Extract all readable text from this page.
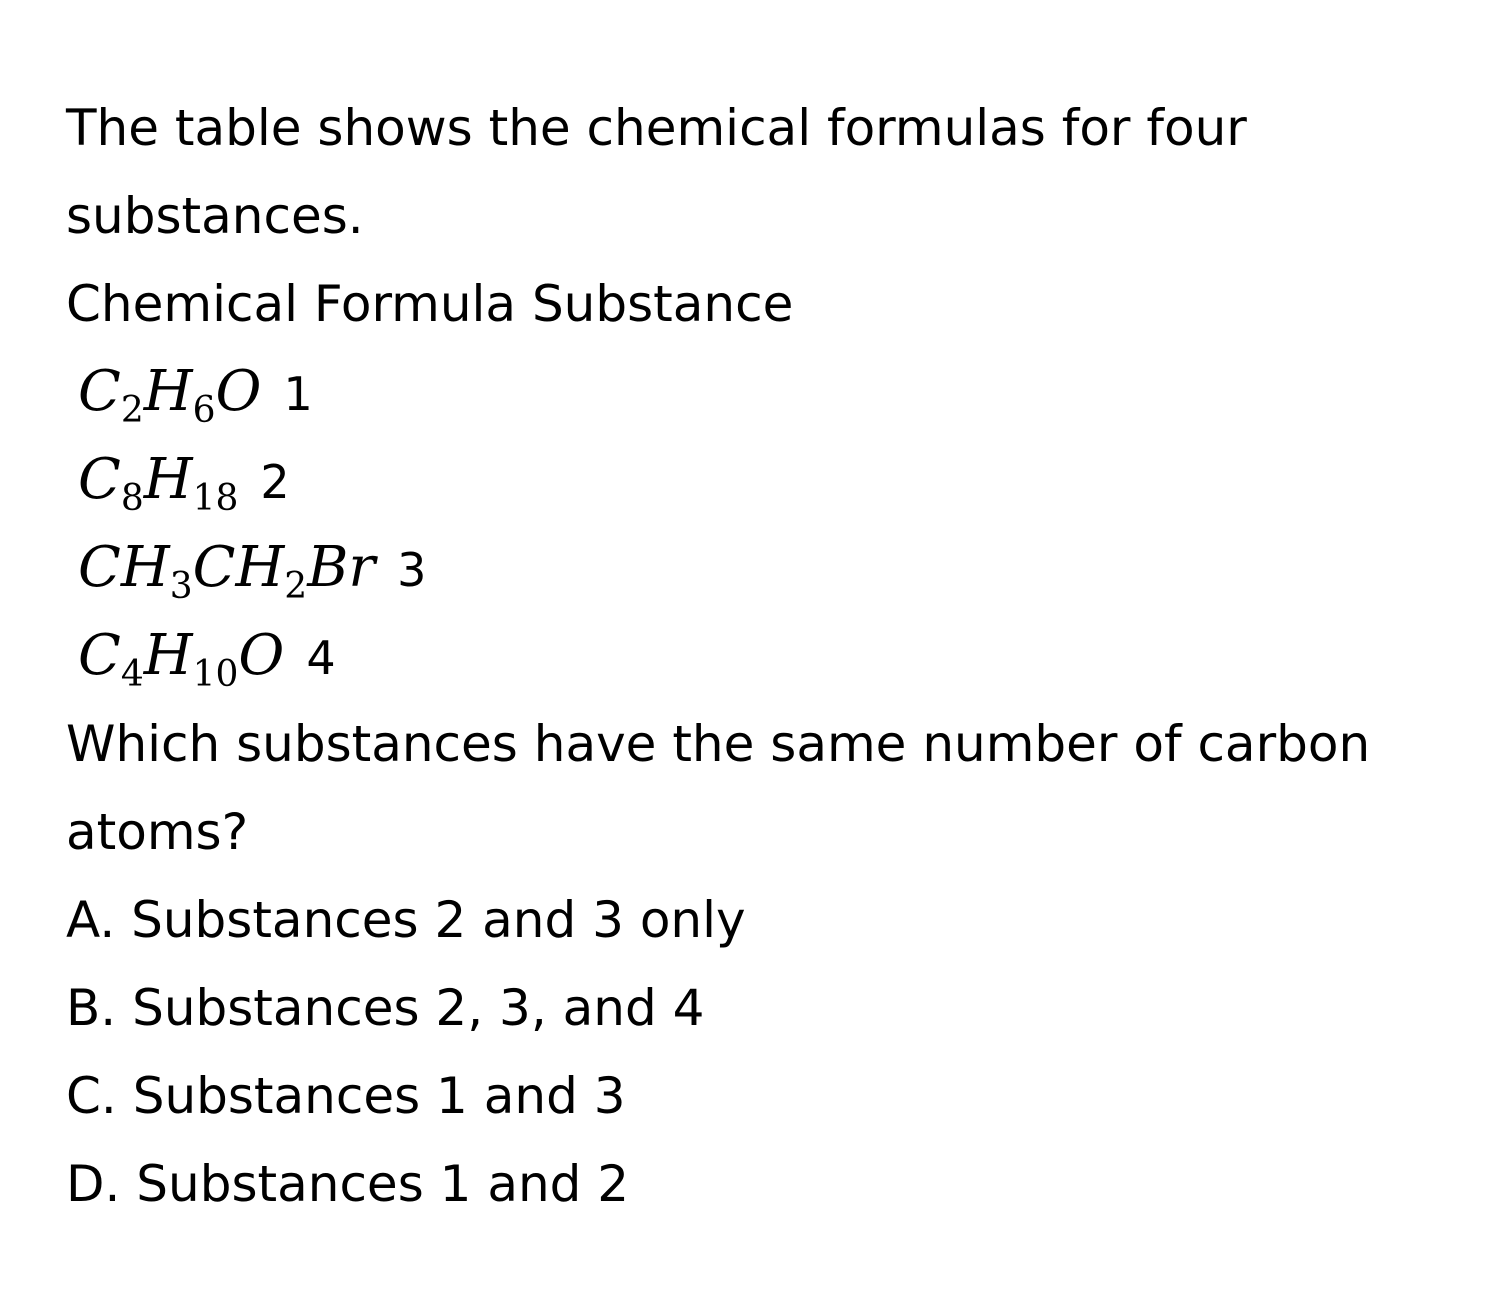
The table shows the chemical formulas for four
substances.
Chemical Formula Substance
$C_2H_6O$ 1
$C_8H_{18}$ 2
$CH_3CH_2Br$ 3
$C_4H_{10}O$ 4
Which substances have the same number of carbon
atoms?
A. Substances 2 and 3 only
B. Substances 2, 3, and 4
C. Substances 1 and 3
D. Substances 1 and 2
